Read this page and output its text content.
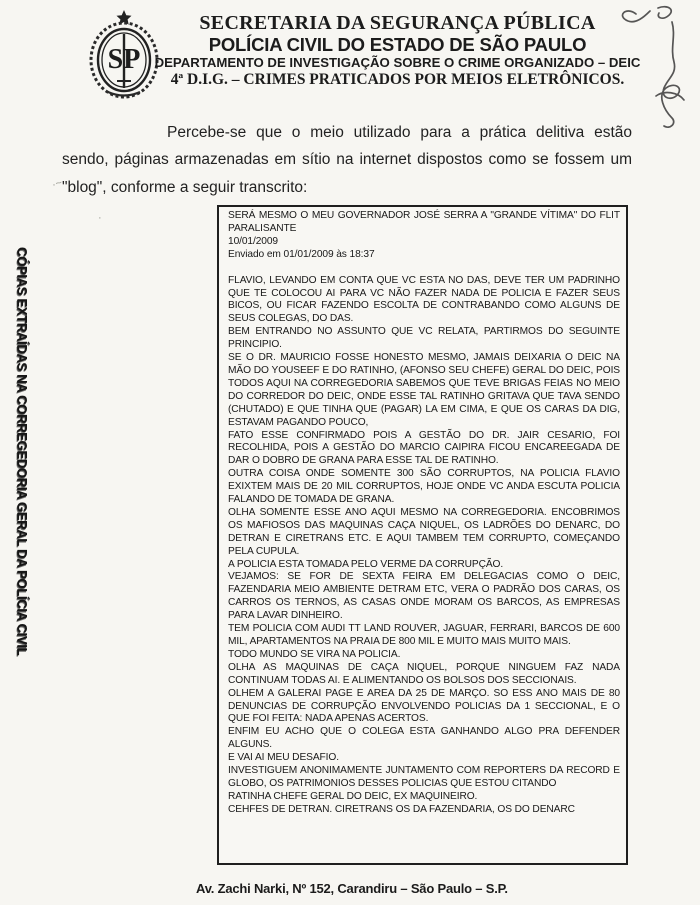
SP
SECRETARIA DA SEGURANÇA PÚBLICA
POLÍCIA CIVIL DO ESTADO DE SÃO PAULO
DEPARTAMENTO DE INVESTIGAÇÃO SOBRE O CRIME ORGANIZADO – DEIC
4ª D.I.G. – CRIMES PRATICADOS POR MEIOS ELETRÔNICOS.

Percebe-se que o meio utilizado para a prática delitiva estão sendo, páginas armazenadas em sítio na internet dispostos como se fossem um "blog", conforme a seguir transcrito:

CÓPIAS EXTRAÍDAS NA CORREGEDORIA GERAL DA POLÍCIA CIVIL
·~
·	SERÁ MESMO O MEU GOVERNADOR JOSÉ SERRA A "GRANDE VÍTIMA" DO FLIT PARALISANTE
10/01/2009
Enviado em 01/01/2009 às 18:37
FLAVIO, LEVANDO EM CONTA QUE VC ESTA NO DAS, DEVE TER UM PADRINHO QUE TE COLOCOU AI PARA VC NÃO FAZER NADA DE POLICIA E FAZER SEUS BICOS, OU FICAR FAZENDO ESCOLTA DE CONTRABANDO COMO ALGUNS DE SEUS COLEGAS, DO DAS.
BEM ENTRANDO NO ASSUNTO QUE VC RELATA, PARTIRMOS DO SEGUINTE PRINCIPIO.
SE O DR. MAURICIO FOSSE HONESTO MESMO, JAMAIS DEIXARIA O DEIC NA MÃO DO YOUSEEF E DO RATINHO, (AFONSO SEU CHEFE) GERAL DO DEIC, POIS TODOS AQUI NA CORREGEDORIA SABEMOS QUE TEVE BRIGAS FEIAS NO MEIO DO CORREDOR DO DEIC, ONDE ESSE TAL RATINHO GRITAVA QUE TAVA SENDO (CHUTADO) E QUE TINHA QUE (PAGAR) LA EM CIMA, E QUE OS CARAS DA DIG, ESTAVAM PAGANDO POUCO,
FATO ESSE CONFIRMADO POIS A GESTÃO DO DR. JAIR CESARIO, FOI RECOLHIDA, POIS A GESTÃO DO MARCIO CAIPIRA FICOU ENCAREEGADA DE DAR O DOBRO DE GRANA PARA ESSE TAL DE RATINHO.
OUTRA COISA ONDE SOMENTE 300 SÃO CORRUPTOS, NA POLICIA FLAVIO EXIXTEM MAIS DE 20 MIL CORRUPTOS, HOJE ONDE VC ANDA ESCUTA POLICIA FALANDO DE TOMADA DE GRANA.
OLHA SOMENTE ESSE ANO AQUI MESMO NA CORREGEDORIA. ENCOBRIMOS OS MAFIOSOS DAS MAQUINAS CAÇA NIQUEL, OS LADRÕES DO DENARC, DO DETRAN E CIRETRANS ETC. E AQUI TAMBEM TEM CORRUPTO, COMEÇANDO PELA CUPULA.
A POLICIA ESTA TOMADA PELO VERME DA CORRUPÇÃO.
VEJAMOS: SE FOR DE SEXTA FEIRA EM DELEGACIAS COMO O DEIC, FAZENDARIA MEIO AMBIENTE DETRAM ETC, VERA O PADRÃO DOS CARAS, OS CARROS OS TERNOS, AS CASAS ONDE MORAM OS BARCOS, AS EMPRESAS PARA LAVAR DINHEIRO.
TEM POLICIA COM AUDI TT LAND ROUVER, JAGUAR, FERRARI, BARCOS DE 600 MIL, APARTAMENTOS NA PRAIA DE 800 MIL E MUITO MAIS MUITO MAIS.
TODO MUNDO SE VIRA NA POLICIA.
OLHA AS MAQUINAS DE CAÇA NIQUEL, PORQUE NINGUEM FAZ NADA CONTINUAM TODAS AI. E ALIMENTANDO OS BOLSOS DOS SECCIONAIS.
OLHEM A GALERAI PAGE E AREA DA 25 DE MARÇO. SO ESS ANO MAIS DE 80 DENUNCIAS DE CORRUPÇÃO ENVOLVENDO POLICIAS DA 1 SECCIONAL, E O QUE FOI FEITA: NADA APENAS ACERTOS.
ENFIM EU ACHO QUE O COLEGA ESTA GANHANDO ALGO PRA DEFENDER ALGUNS.
E VAI AI MEU DESAFIO.
INVESTIGUEM ANONIMAMENTE JUNTAMENTO COM REPORTERS DA RECORD E GLOBO, OS PATRIMONIOS DESSES POLICIAS QUE ESTOU CITANDO
RATINHA CHEFE GERAL DO DEIC, EX MAQUINEIRO.
CEHFES DE DETRAN. CIRETRANS OS DA FAZENDARIA, OS DO DENARC
Av. Zachi Narki, Nº 152, Carandiru – São Paulo – S.P.
